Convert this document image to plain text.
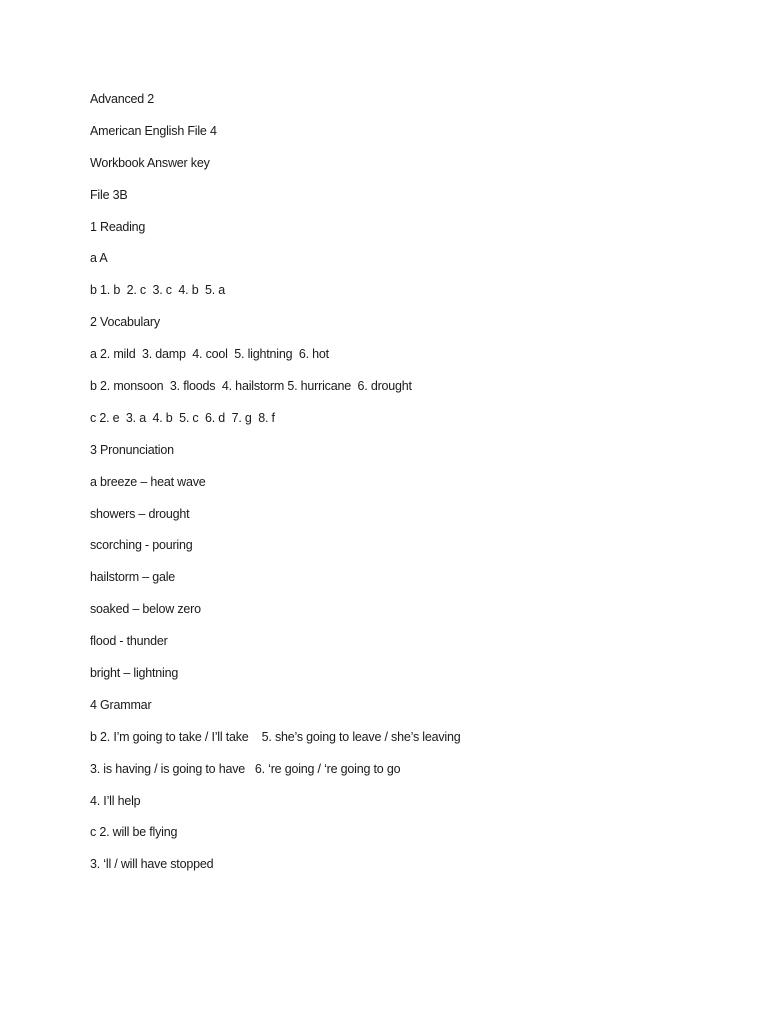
Advanced 2
American English File 4
Workbook Answer key
File 3B
1 Reading
a A
b 1. b  2. c  3. c  4. b  5. a
2 Vocabulary
a 2. mild  3. damp  4. cool  5. lightning  6. hot
b 2. monsoon  3. floods  4. hailstorm 5. hurricane  6. drought
c 2. e  3. a  4. b  5. c  6. d  7. g  8. f
3 Pronunciation
a breeze – heat wave
showers – drought
scorching - pouring
hailstorm – gale
soaked – below zero
flood - thunder
bright – lightning
4 Grammar
b 2. I’m going to take / I’ll take    5. she’s going to leave / she’s leaving
3. is having / is going to have   6. ‘re going / ‘re going to go
4. I’ll help
c 2. will be flying
3. ‘ll / will have stopped
